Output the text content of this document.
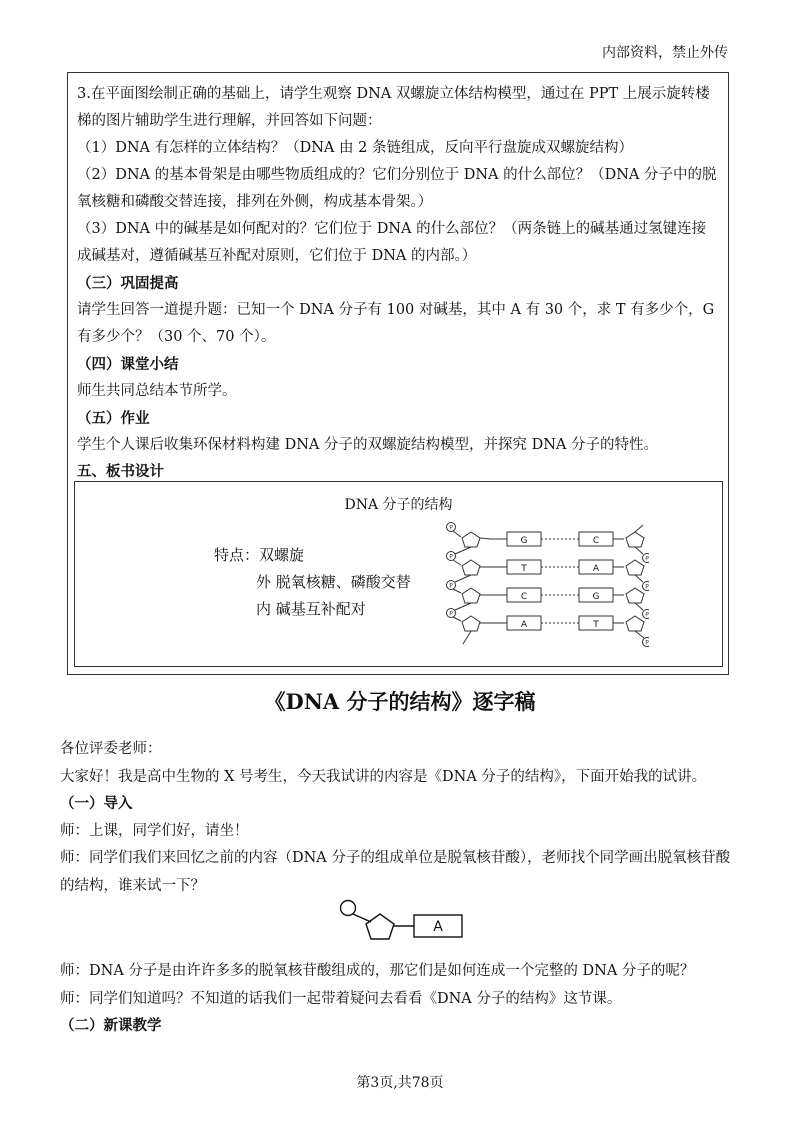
内部资料，禁止外传

3.在平面图绘制正确的基础上，请学生观察 DNA 双螺旋立体结构模型，通过在 PPT 上展示旋转楼梯的图片辅助学生进行理解，并回答如下问题：

（1）DNA 有怎样的立体结构？（DNA 由 2 条链组成，反向平行盘旋成双螺旋结构）

（2）DNA 的基本骨架是由哪些物质组成的？它们分别位于 DNA 的什么部位？（DNA 分子中的脱氧核糖和磷酸交替连接，排列在外侧，构成基本骨架。）

（3）DNA 中的碱基是如何配对的？它们位于 DNA 的什么部位？（两条链上的碱基通过氢键连接成碱基对，遵循碱基互补配对原则，它们位于 DNA 的内部。）

（三）巩固提高

请学生回答一道提升题：已知一个 DNA 分子有 100 对碱基，其中 A 有 30 个，求 T 有多少个，G 有多少个？（30 个、70 个）。

（四）课堂小结

师生共同总结本节所学。

（五）作业

学生个人课后收集环保材料构建 DNA 分子的双螺旋结构模型，并探究 DNA 分子的特性。

五、板书设计

DNA 分子的结构
特点：双螺旋
外 脱氧核糖、磷酸交替
内 碱基互补配对
P
P	P
P	P
P	P
P
G	C
T	A
C	G
A	T
《DNA 分子的结构》逐字稿

各位评委老师：

大家好！我是高中生物的 X 号考生，今天我试讲的内容是《DNA 分子的结构》，下面开始我的试讲。

（一）导入

师：上课，同学们好，请坐！

师：同学们我们来回忆之前的内容（DNA 分子的组成单位是脱氧核苷酸），老师找个同学画出脱氧核苷酸的结构，谁来试一下？

A

师：DNA 分子是由许许多多的脱氧核苷酸组成的，那它们是如何连成一个完整的 DNA 分子的呢？

师：同学们知道吗？不知道的话我们一起带着疑问去看看《DNA 分子的结构》这节课。

（二）新课教学

第3页,共78页
